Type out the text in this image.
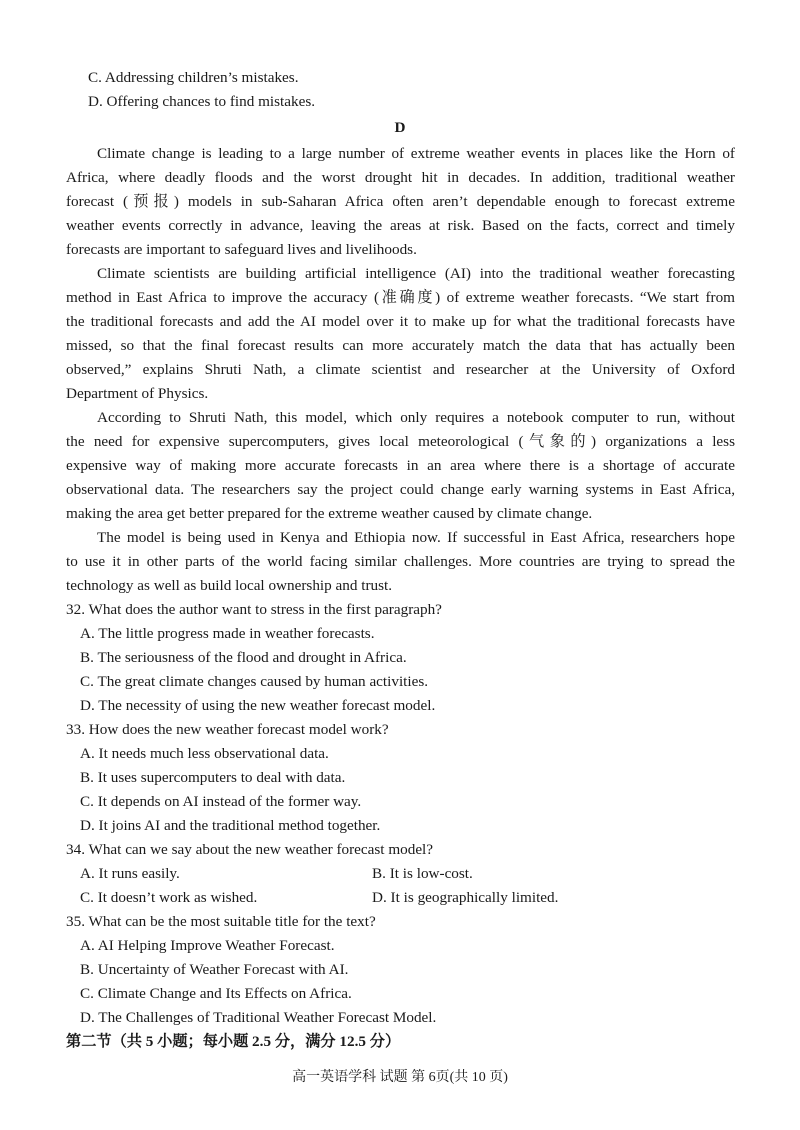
C. Addressing children’s mistakes.
D. Offering chances to find mistakes.
D
Climate change is leading to a large number of extreme weather events in places like the Horn of
Africa, where deadly floods and the worst drought hit in decades. In addition, traditional weather
forecast (预报) models in sub-Saharan Africa often aren’t dependable enough to forecast extreme
weather events correctly in advance, leaving the areas at risk. Based on the facts, correct and timely
forecasts are important to safeguard lives and livelihoods.
Climate scientists are building artificial intelligence (AI) into the traditional weather forecasting
method in East Africa to improve the accuracy (准确度) of extreme weather forecasts. “We start from
the traditional forecasts and add the AI model over it to make up for what the traditional forecasts have
missed, so that the final forecast results can more accurately match the data that has actually been
observed,” explains Shruti Nath, a climate scientist and researcher at the University of Oxford
Department of Physics.
According to Shruti Nath, this model, which only requires a notebook computer to run, without
the need for expensive supercomputers, gives local meteorological (气象的) organizations a less
expensive way of making more accurate forecasts in an area where there is a shortage of accurate
observational data. The researchers say the project could change early warning systems in East Africa,
making the area get better prepared for the extreme weather caused by climate change.
The model is being used in Kenya and Ethiopia now. If successful in East Africa, researchers hope
to use it in other parts of the world facing similar challenges. More countries are trying to spread the
technology as well as build local ownership and trust.
32. What does the author want to stress in the first paragraph?
A. The little progress made in weather forecasts.
B. The seriousness of the flood and drought in Africa.
C. The great climate changes caused by human activities.
D. The necessity of using the new weather forecast model.
33. How does the new weather forecast model work?
A. It needs much less observational data.
B. It uses supercomputers to deal with data.
C. It depends on AI instead of the former way.
D. It joins AI and the traditional method together.
34. What can we say about the new weather forecast model?
A. It runs easily.	B. It is low-cost.
C. It doesn’t work as wished.	D. It is geographically limited.
35. What can be the most suitable title for the text?
A. AI Helping Improve Weather Forecast.
B. Uncertainty of Weather Forecast with AI.
C. Climate Change and Its Effects on Africa.
D. The Challenges of Traditional Weather Forecast Model.
第二节（共 5 小题；每小题 2.5 分，满分 12.5 分）
高一英语学科 试题 第 6页(共 10 页)
